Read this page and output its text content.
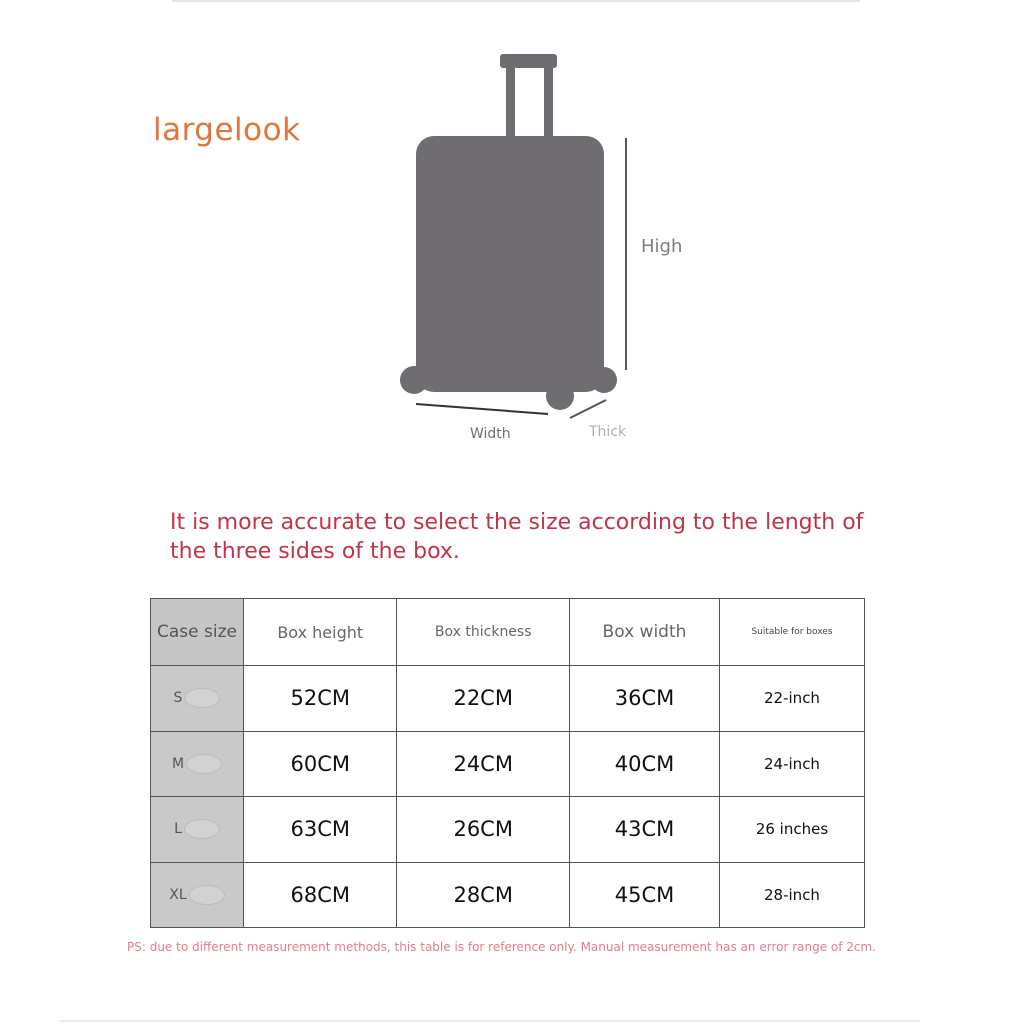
largelook
High
Width	Thick
It is more accurate to select the size according to the length of the three sides of the box.
Case size	Box height	Box thickness	Box width	Suitable for boxes
S	52CM	22CM	36CM	22-inch
M	60CM	24CM	40CM	24-inch
L	63CM	26CM	43CM	26 inches
XL	68CM	28CM	45CM	28-inch
PS: due to different measurement methods, this table is for reference only. Manual measurement has an error range of 2cm.
